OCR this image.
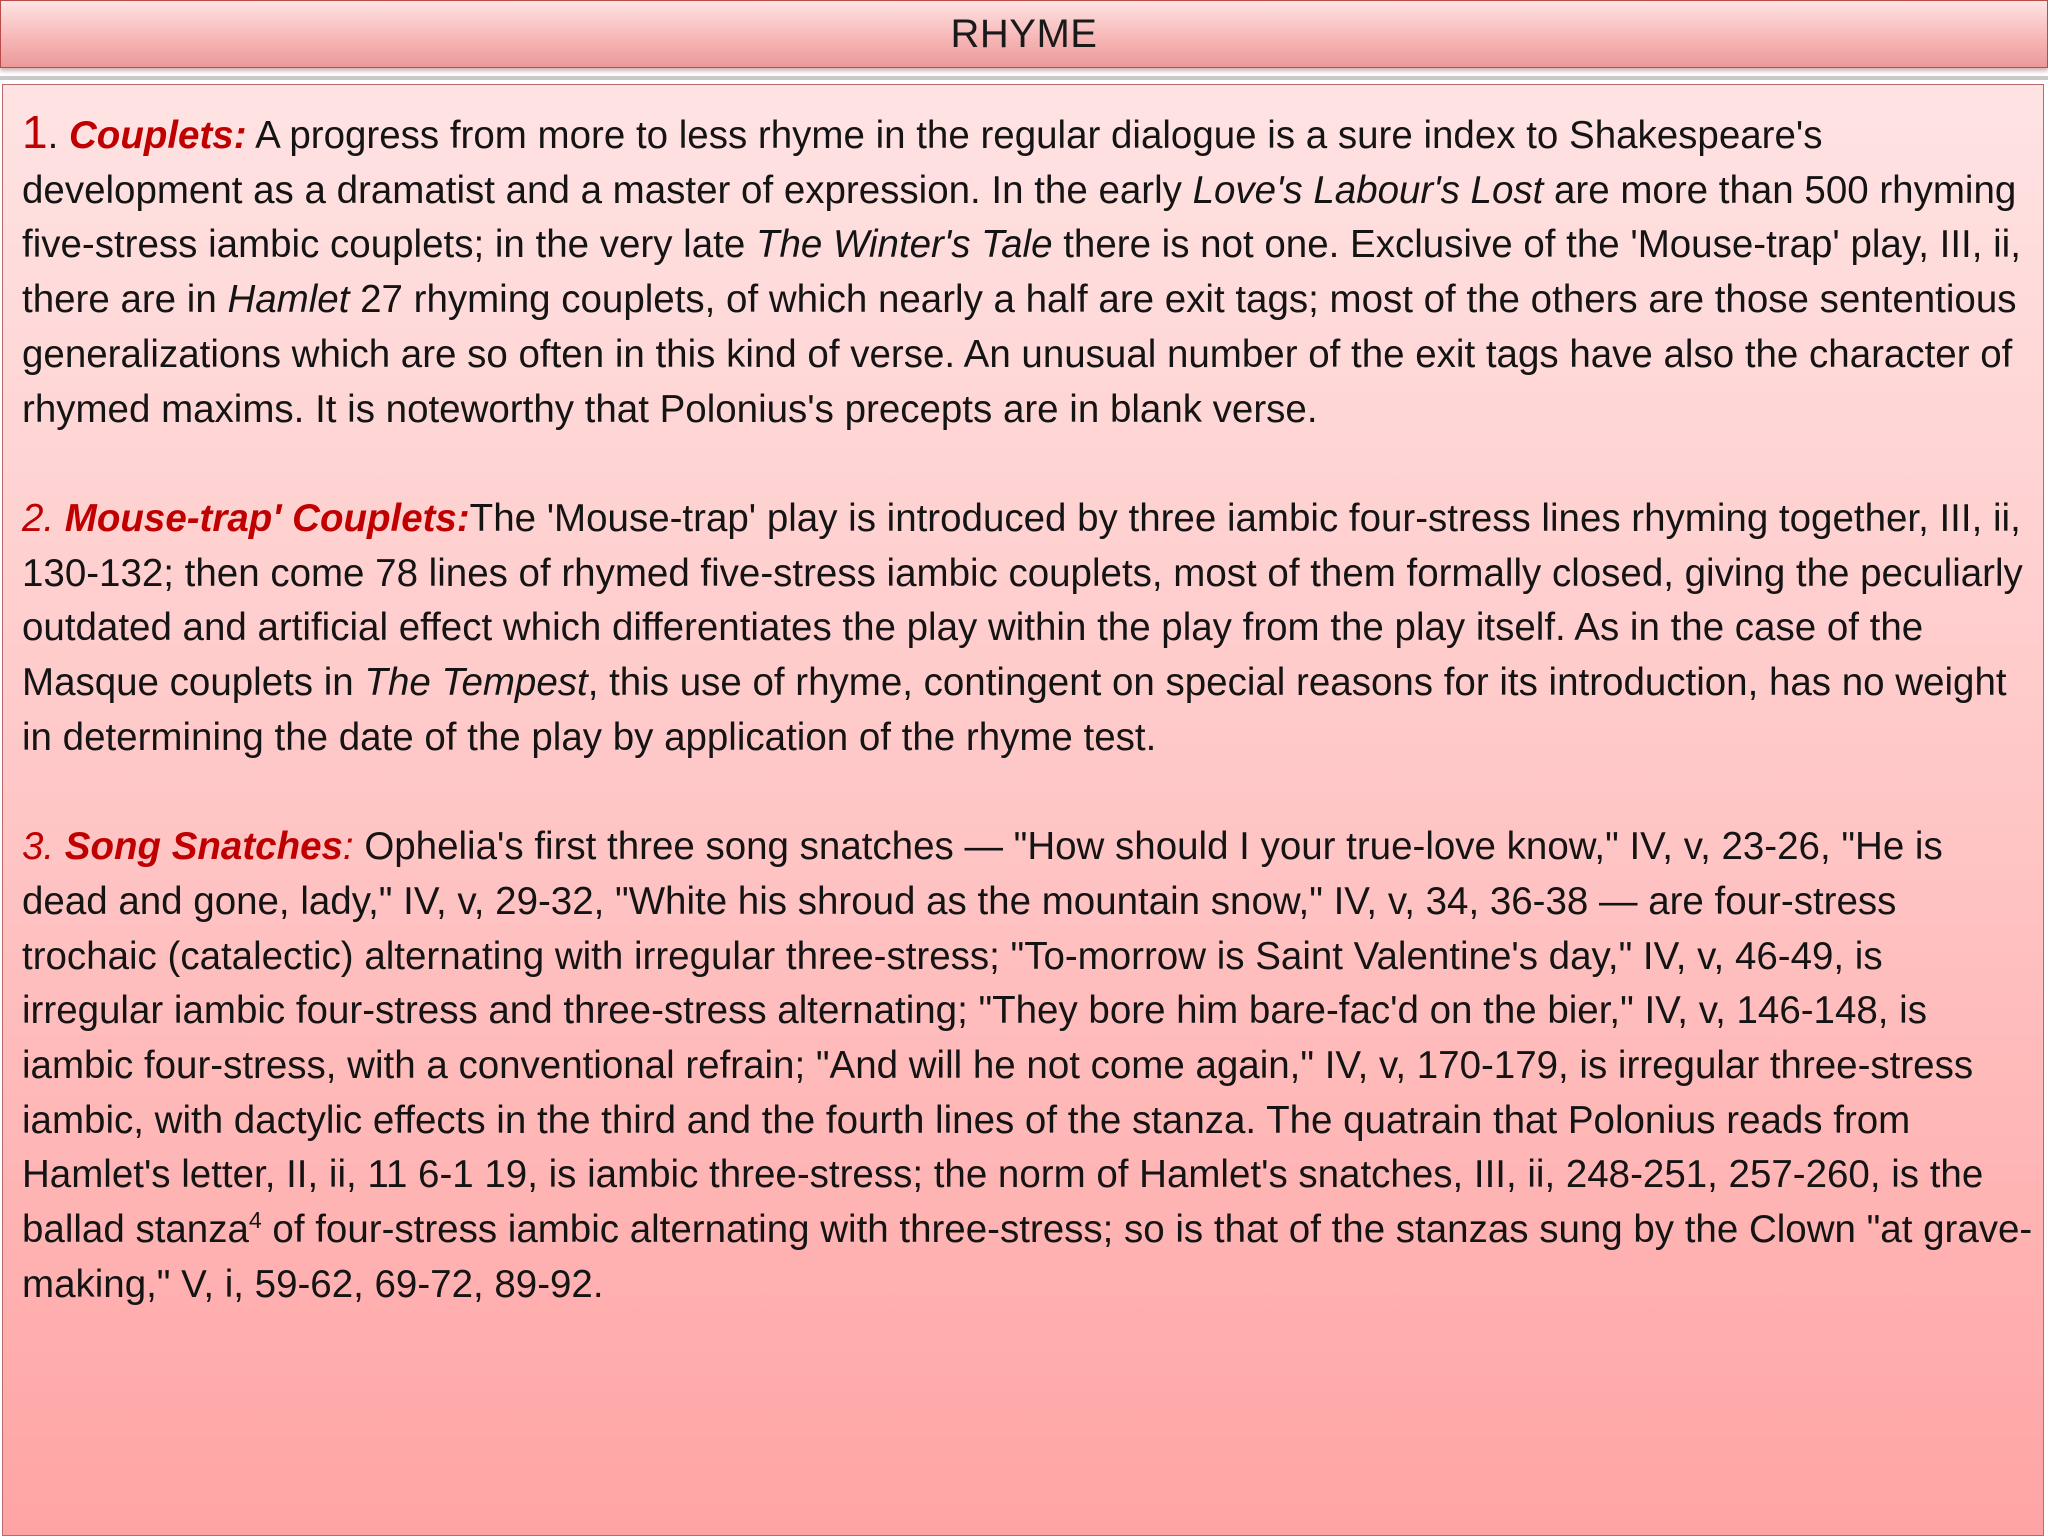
RHYME

1. Couplets: A progress from more to less rhyme in the regular dialogue is a sure index to Shakespeare's development as a dramatist and a master of expression. In the early Love's Labour's Lost are more than 500 rhyming five-stress iambic couplets; in the very late The Winter's Tale there is not one. Exclusive of the 'Mouse-trap' play, III, ii, there are in Hamlet 27 rhyming couplets, of which nearly a half are exit tags; most of the others are those sententious generalizations which are so often in this kind of verse. An unusual number of the exit tags have also the character of rhymed maxims. It is noteworthy that Polonius's precepts are in blank verse.

2. Mouse-trap' Couplets:The 'Mouse-trap' play is introduced by three iambic four-stress lines rhyming together, III, ii, 130-132; then come 78 lines of rhymed five-stress iambic couplets, most of them formally closed, giving the peculiarly outdated and artificial effect which differentiates the play within the play from the play itself. As in the case of the Masque couplets in The Tempest, this use of rhyme, contingent on special reasons for its introduction, has no weight in determining the date of the play by application of the rhyme test.

3. Song Snatches: Ophelia's first three song snatches — "How should I your true-love know," IV, v, 23-26, "He is dead and gone, lady," IV, v, 29-32, "White his shroud as the mountain snow," IV, v, 34, 36-38 — are four-stress trochaic (catalectic) alternating with irregular three-stress; "To-morrow is Saint Valentine's day," IV, v, 46-49, is irregular iambic four-stress and three-stress alternating; "They bore him bare-fac'd on the bier," IV, v, 146-148, is iambic four-stress, with a conventional refrain; "And will he not come again," IV, v, 170-179, is irregular three-stress iambic, with dactylic effects in the third and the fourth lines of the stanza. The quatrain that Polonius reads from Hamlet's letter, II, ii, 11 6-1 19, is iambic three-stress; the norm of Hamlet's snatches, III, ii, 248-251, 257-260, is the ballad stanza$^4$ of four-stress iambic alternating with three-stress; so is that of the stanzas sung by the Clown "at grave-making," V, i, 59-62, 69-72, 89-92.
